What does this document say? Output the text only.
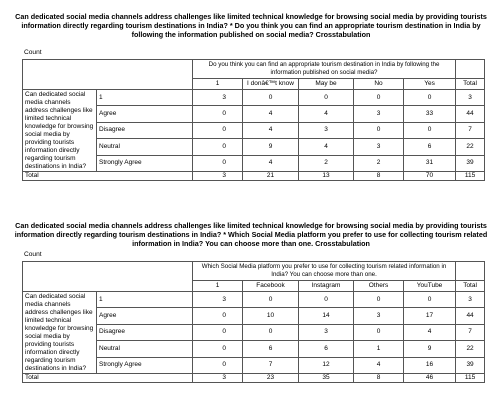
Can dedicated social media channels address challenges like limited technical knowledge for browsing social media by providing tourists information directly regarding tourism destinations in India? * Do you think you can find an appropriate tourism destination in India by following the information published on social media? Crosstabulation
Count
		Do you think you can find an appropriate tourism destination in India by following the information published on social media?					
		1	I donâ€™t know	May be	No	Yes	Total

Can dedicated social media channels address challenges like limited technical knowledge for browsing social media by providing tourists information directly regarding tourism destinations in India?	1	3	0	0	0	0	3
	Agree	0	4	4	3	33	44
	Disagree	0	4	3	0	0	7
	Neutral	0	9	4	3	6	22
	Strongly Agree	0	4	2	2	31	39
Total		3	21	13	8	70	115
Can dedicated social media channels address challenges like limited technical knowledge for browsing social media by providing tourists information directly regarding tourism destinations in India? * Which Social Media platform you prefer to use for collecting tourism related information in India? You can choose more than one. Crosstabulation
Count
		Which Social Media platform you prefer to use for collecting tourism related information in India? You can choose more than one.					
		1	Facebook	Instagram	Others	YouTube	Total

Can dedicated social media channels address challenges like limited technical knowledge for browsing social media by providing tourists information directly regarding tourism destinations in India?	1	3	0	0	0	0	3
	Agree	0	10	14	3	17	44
	Disagree	0	0	3	0	4	7
	Neutral	0	6	6	1	9	22
	Strongly Agree	0	7	12	4	16	39
Total		3	23	35	8	46	115
